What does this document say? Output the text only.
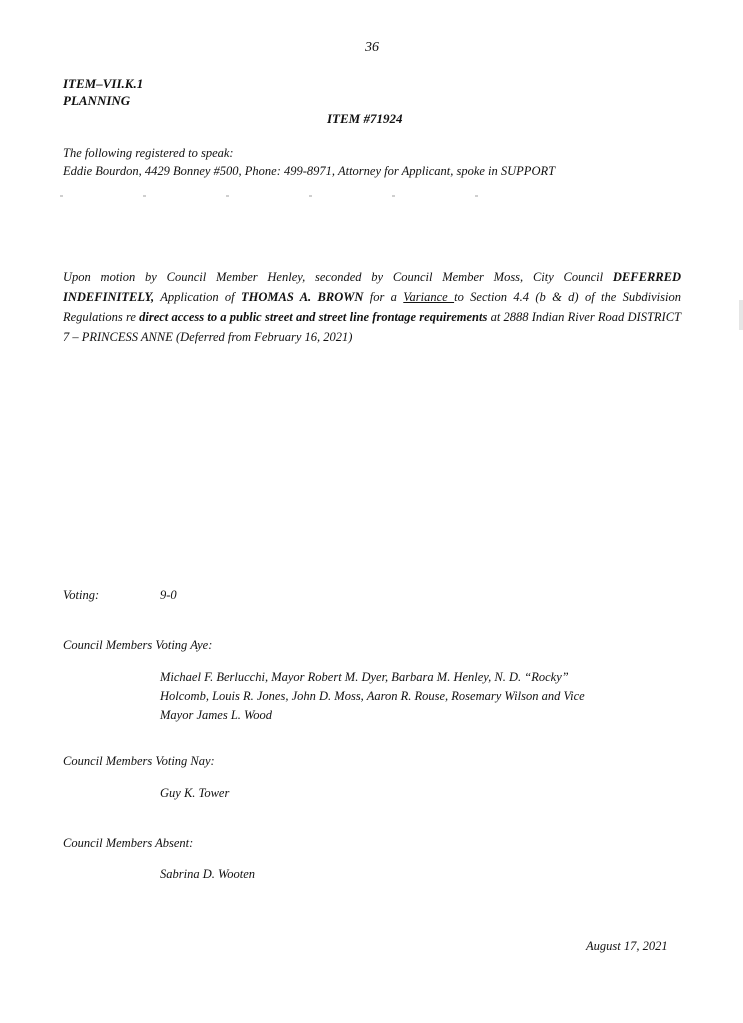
36
ITEM–VII.K.1
PLANNING
ITEM #71924
The following registered to speak:
Eddie Bourdon, 4429 Bonney #500, Phone: 499-8971, Attorney for Applicant, spoke in SUPPORT
Upon motion by Council Member Henley, seconded by Council Member Moss, City Council DEFERRED INDEFINITELY, Application of THOMAS A. BROWN for a Variance to Section 4.4 (b & d) of the Subdivision Regulations re direct access to a public street and street line frontage requirements at 2888 Indian River Road DISTRICT 7 – PRINCESS ANNE (Deferred from February 16, 2021)
Voting:	9-0
Council Members Voting Aye:
Michael F. Berlucchi, Mayor Robert M. Dyer, Barbara M. Henley, N. D. “Rocky” Holcomb, Louis R. Jones, John D. Moss, Aaron R. Rouse, Rosemary Wilson and Vice Mayor James L. Wood
Council Members Voting Nay:
Guy K. Tower
Council Members Absent:
Sabrina D. Wooten
August 17, 2021
